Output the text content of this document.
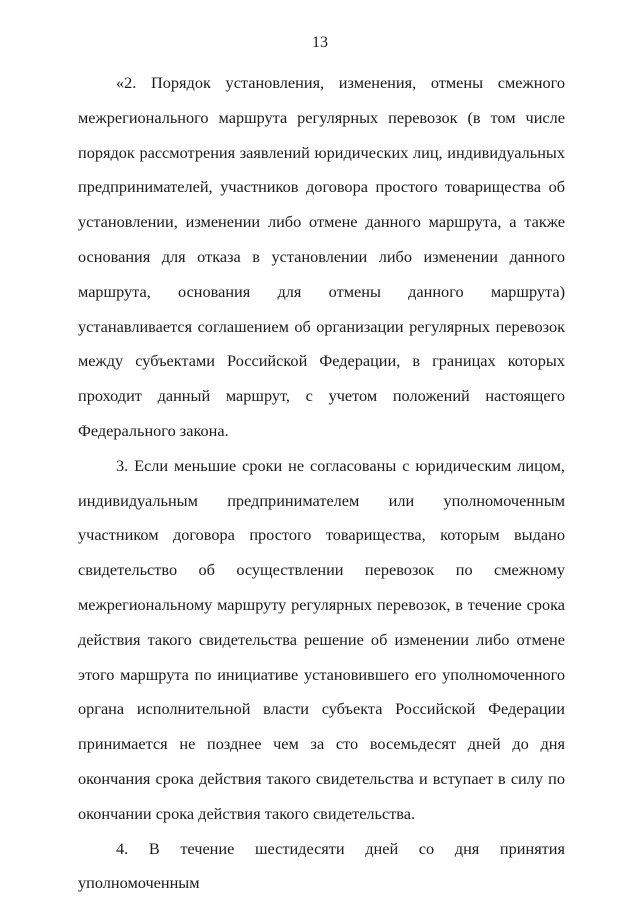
13

«2. Порядок установления, изменения, отмены смежного межрегионального маршрута регулярных перевозок (в том числе порядок рассмотрения заявлений юридических лиц, индивидуальных предпринимателей, участников договора простого товарищества об установлении, изменении либо отмене данного маршрута, а также основания для отказа в установлении либо изменении данного маршрута, основания для отмены данного маршрута) устанавливается соглашением об организации регулярных перевозок между субъектами Российской Федерации, в границах которых проходит данный маршрут, с учетом положений настоящего Федерального закона.

3. Если меньшие сроки не согласованы с юридическим лицом, индивидуальным предпринимателем или уполномоченным участником договора простого товарищества, которым выдано свидетельство об осуществлении перевозок по смежному межрегиональному маршруту регулярных перевозок, в течение срока действия такого свидетельства решение об изменении либо отмене этого маршрута по инициативе установившего его уполномоченного органа исполнительной власти субъекта Российской Федерации принимается не позднее чем за сто восемьдесят дней до дня окончания срока действия такого свидетельства и вступает в силу по окончании срока действия такого свидетельства.

4. В течение шестидесяти дней со дня принятия уполномоченным
